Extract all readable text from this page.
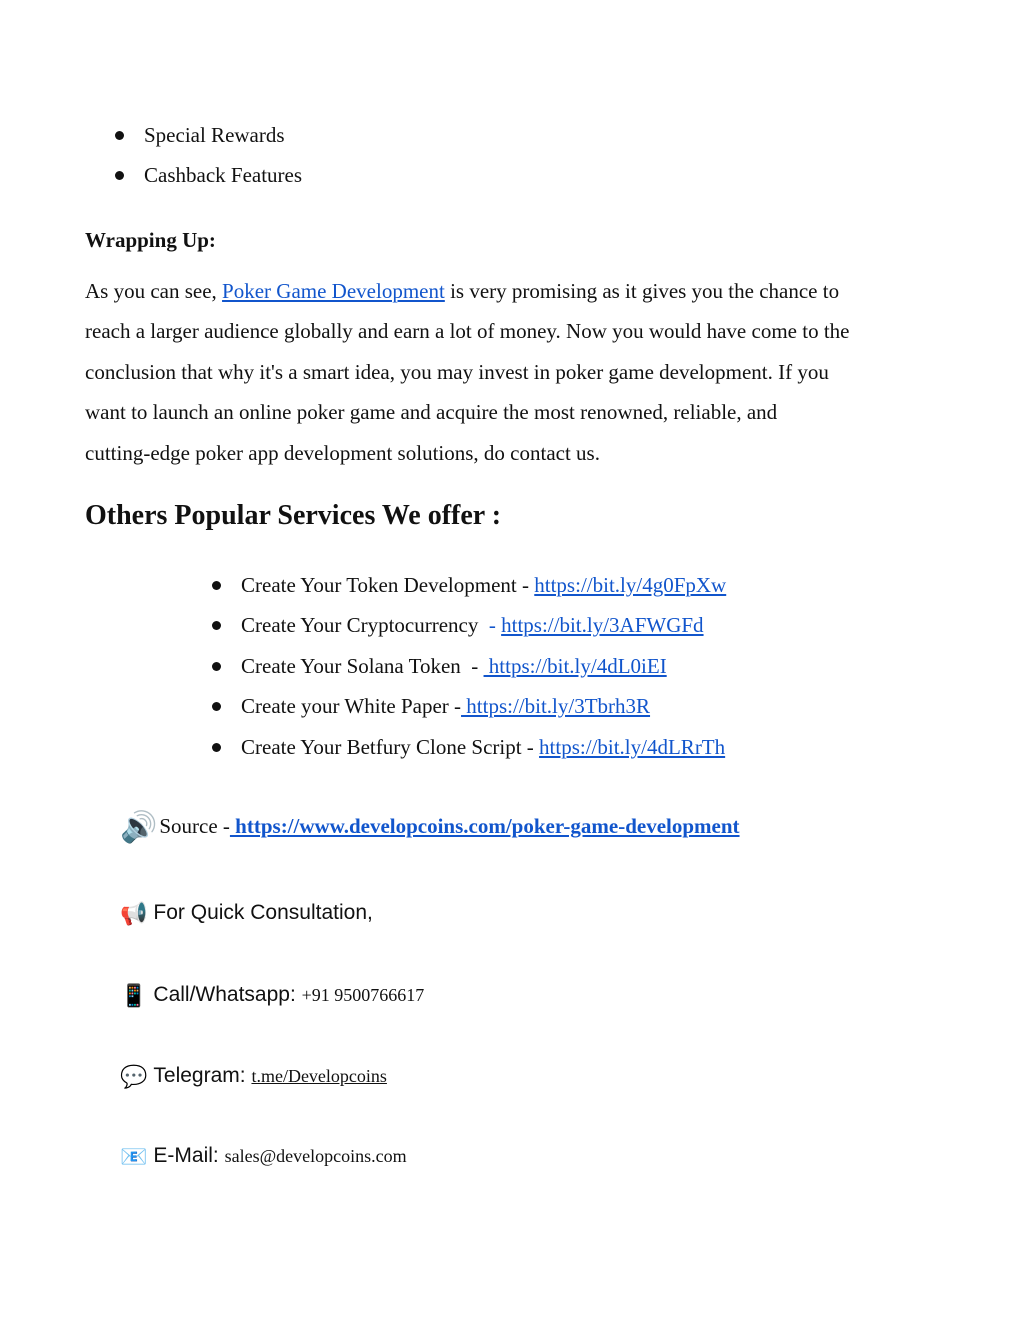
Special Rewards
Cashback Features
Wrapping Up:
As you can see, Poker Game Development is very promising as it gives you the chance to
reach a larger audience globally and earn a lot of money. Now you would have come to the
conclusion that why it's a smart idea, you may invest in poker game development. If you
want to launch an online poker game and acquire the most renowned, reliable, and
cutting-edge poker app development solutions, do contact us.
Others Popular Services We offer :
Create Your Token Development - https://bit.ly/4g0FpXw
Create Your Cryptocurrency  - https://bit.ly/3AFWGFd
Create Your Solana Token  -  https://bit.ly/4dL0iEI
Create your White Paper - https://bit.ly/3Tbrh3R
Create Your Betfury Clone Script - https://bit.ly/4dLRrTh
🔊Source - https://www.developcoins.com/poker-game-development
📢 For Quick Consultation,
📱 Call/Whatsapp: +91 9500766617
💬 Telegram: t.me/Developcoins
📧 E-Mail: sales@developcoins.com
